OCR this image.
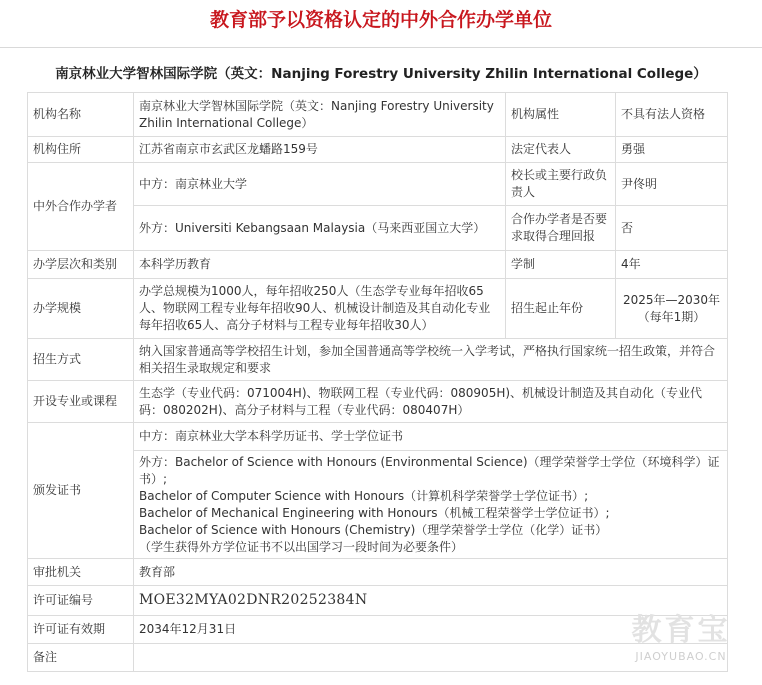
教育部予以资格认定的中外合作办学单位
南京林业大学智林国际学院（英文：Nanjing Forestry University Zhilin International College）
机构名称	南京林业大学智林国际学院（英文：Nanjing Forestry University Zhilin International College）	机构属性	不具有法人资格
机构住所	江苏省南京市玄武区龙蟠路159号	法定代表人	勇强
中外合作办学者	中方：南京林业大学	校长或主要行政负责人	尹佟明
	外方：Universiti Kebangsaan Malaysia（马来西亚国立大学）	合作办学者是否要求取得合理回报	否
办学层次和类别	本科学历教育	学制	4年
办学规模	办学总规模为1000人，每年招收250人（生态学专业每年招收65人、物联网工程专业每年招收90人、机械设计制造及其自动化专业每年招收65人、高分子材料与工程专业每年招收30人）	招生起止年份	2025年—2030年（每年1期）
招生方式	纳入国家普通高等学校招生计划，参加全国普通高等学校统一入学考试，严格执行国家统一招生政策，并符合相关招生录取规定和要求		
开设专业或课程	生态学（专业代码：071004H)、物联网工程（专业代码：080905H)、机械设计制造及其自动化（专业代码：080202H)、高分子材料与工程（专业代码：080407H）		
颁发证书	中方：南京林业大学本科学历证书、学士学位证书		

	外方：Bachelor of Science with Honours (Environmental Science)（理学荣誉学士学位（环境科学）证书）;
Bachelor of Computer Science with Honours（计算机科学荣誉学士学位证书）;
Bachelor of Mechanical Engineering with Honours（机械工程荣誉学士学位证书）;
Bachelor of Science with Honours (Chemistry)（理学荣誉学士学位（化学）证书）
（学生获得外方学位证书不以出国学习一段时间为必要条件）		

审批机关	教育部		
许可证编号	MOE32MYA02DNR20252384N		
许可证有效期	2034年12月31日		
备注			
教育宝
JIAOYUBAO.CN
